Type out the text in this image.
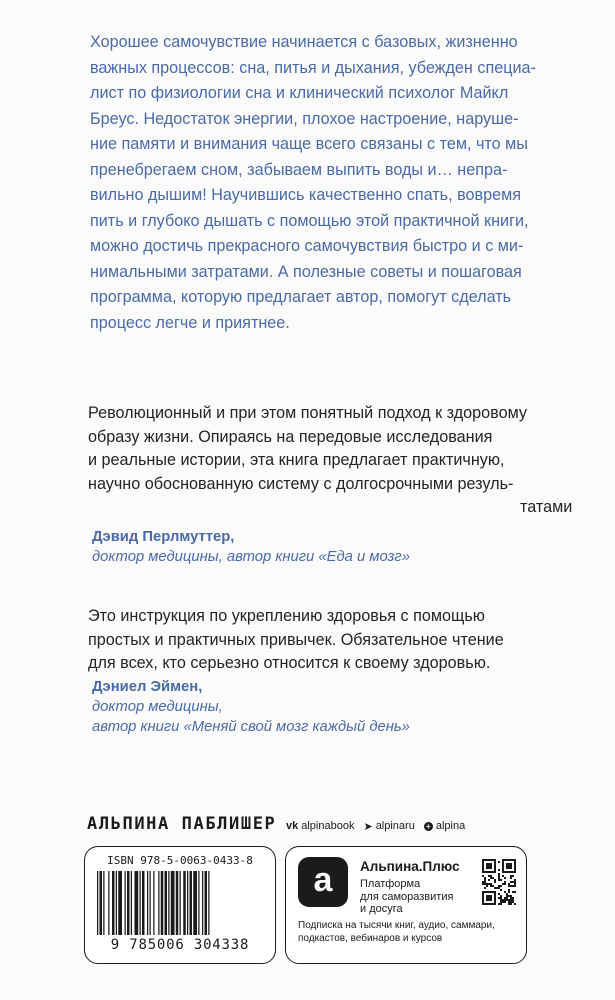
Хорошее самочувствие начинается с базовых, жизненно

важных процессов: сна, питья и дыхания, убежден специа-

лист по физиологии сна и клинический психолог Майкл

Бреус. Недостаток энергии, плохое настроение, наруше-

ние памяти и внимания чаще всего связаны с тем, что мы

пренебрегаем сном, забываем выпить воды и… непра-

вильно дышим! Научившись качественно спать, вовремя

пить и глубоко дышать с помощью этой практичной книги,

можно достичь прекрасного самочувствия быстро и с ми-

нимальными затратами. А полезные советы и пошаговая

программа, которую предлагает автор, помогут сделать

процесс легче и приятнее.

Революционный и при этом понятный подход к здоровому

образу жизни. Опираясь на передовые исследования

и реальные истории, эта книга предлагает практичную,

научно обоснованную систему с долгосрочными резуль-

татами

Дэвид Перлмуттер,
доктор медицины, автор книги «Еда и мозг»

Это инструкция по укреплению здоровья с помощью

простых и практичных привычек. Обязательное чтение

для всех, кто серьезно относится к своему здоровью.

Дэниел Эймен,
доктор медицины,
автор книги «Меняй свой мозг каждый день»
АЛЬПИНА ПАБЛИШЕР vk alpinabook ➤ alpinaru + alpina
ISBN 978-5-0063-0433-8
9 785006 304338
a	Альпина.Плюс
Платформа
для саморазвития
и досуга
Подписка на тысячи книг, аудио, саммари,
подкастов, вебинаров и курсов
